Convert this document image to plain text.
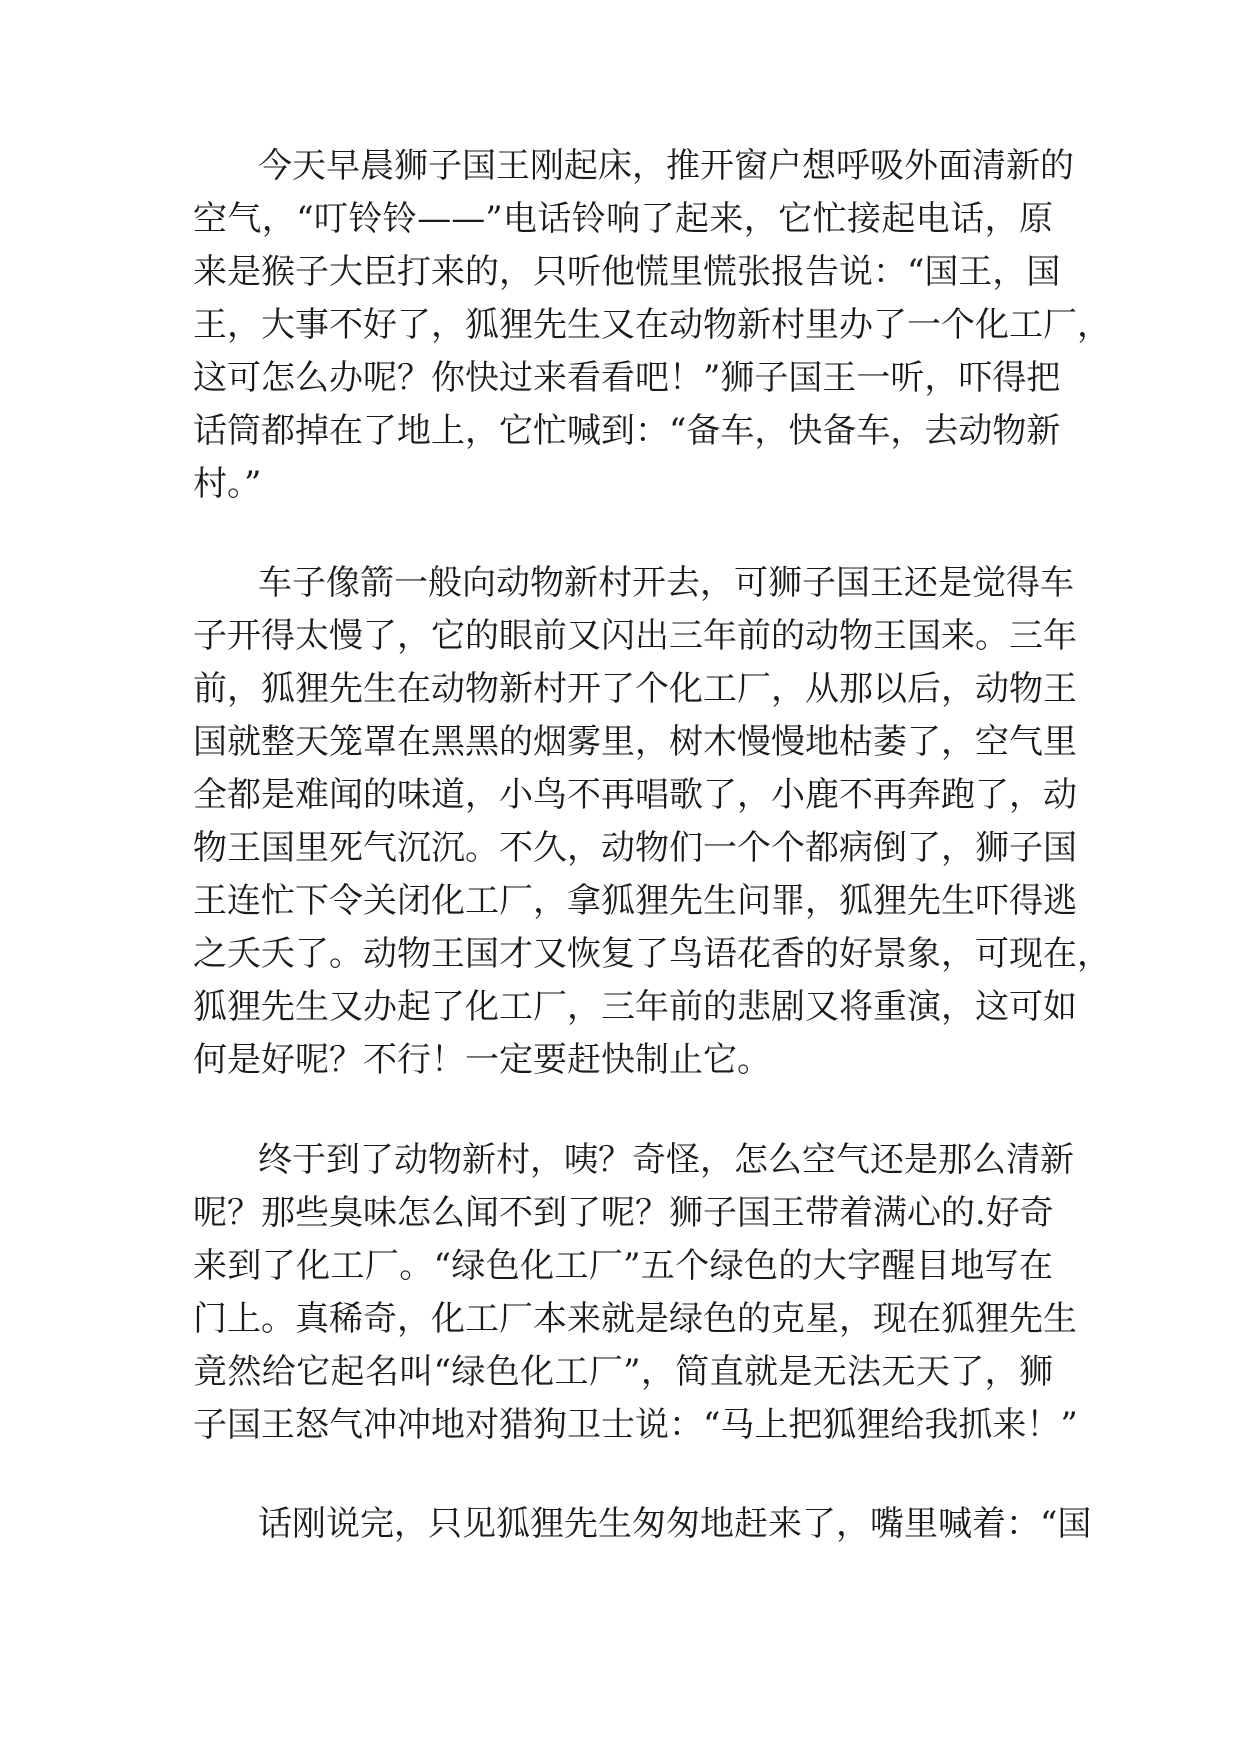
今天早晨狮子国王刚起床，推开窗户想呼吸外面清新的
空气，“叮铃铃——”电话铃响了起来，它忙接起电话，原
来是猴子大臣打来的，只听他慌里慌张报告说：“国王，国
王，大事不好了，狐狸先生又在动物新村里办了一个化工厂，
这可怎么办呢？你快过来看看吧！”狮子国王一听，吓得把
话筒都掉在了地上，它忙喊到：“备车，快备车，去动物新
村。”
车子像箭一般向动物新村开去，可狮子国王还是觉得车
子开得太慢了，它的眼前又闪出三年前的动物王国来。三年
前，狐狸先生在动物新村开了个化工厂，从那以后，动物王
国就整天笼罩在黑黑的烟雾里，树木慢慢地枯萎了，空气里
全都是难闻的味道，小鸟不再唱歌了，小鹿不再奔跑了，动
物王国里死气沉沉。不久，动物们一个个都病倒了，狮子国
王连忙下令关闭化工厂，拿狐狸先生问罪，狐狸先生吓得逃
之夭夭了。动物王国才又恢复了鸟语花香的好景象，可现在，
狐狸先生又办起了化工厂，三年前的悲剧又将重演，这可如
何是好呢？不行！一定要赶快制止它。
终于到了动物新村，咦？奇怪，怎么空气还是那么清新
呢？那些臭味怎么闻不到了呢？狮子国王带着满心的.好奇
来到了化工厂。“绿色化工厂”五个绿色的大字醒目地写在
门上。真稀奇，化工厂本来就是绿色的克星，现在狐狸先生
竟然给它起名叫“绿色化工厂”，简直就是无法无天了，狮
子国王怒气冲冲地对猎狗卫士说：“马上把狐狸给我抓来！”
话刚说完，只见狐狸先生匆匆地赶来了，嘴里喊着：“国
